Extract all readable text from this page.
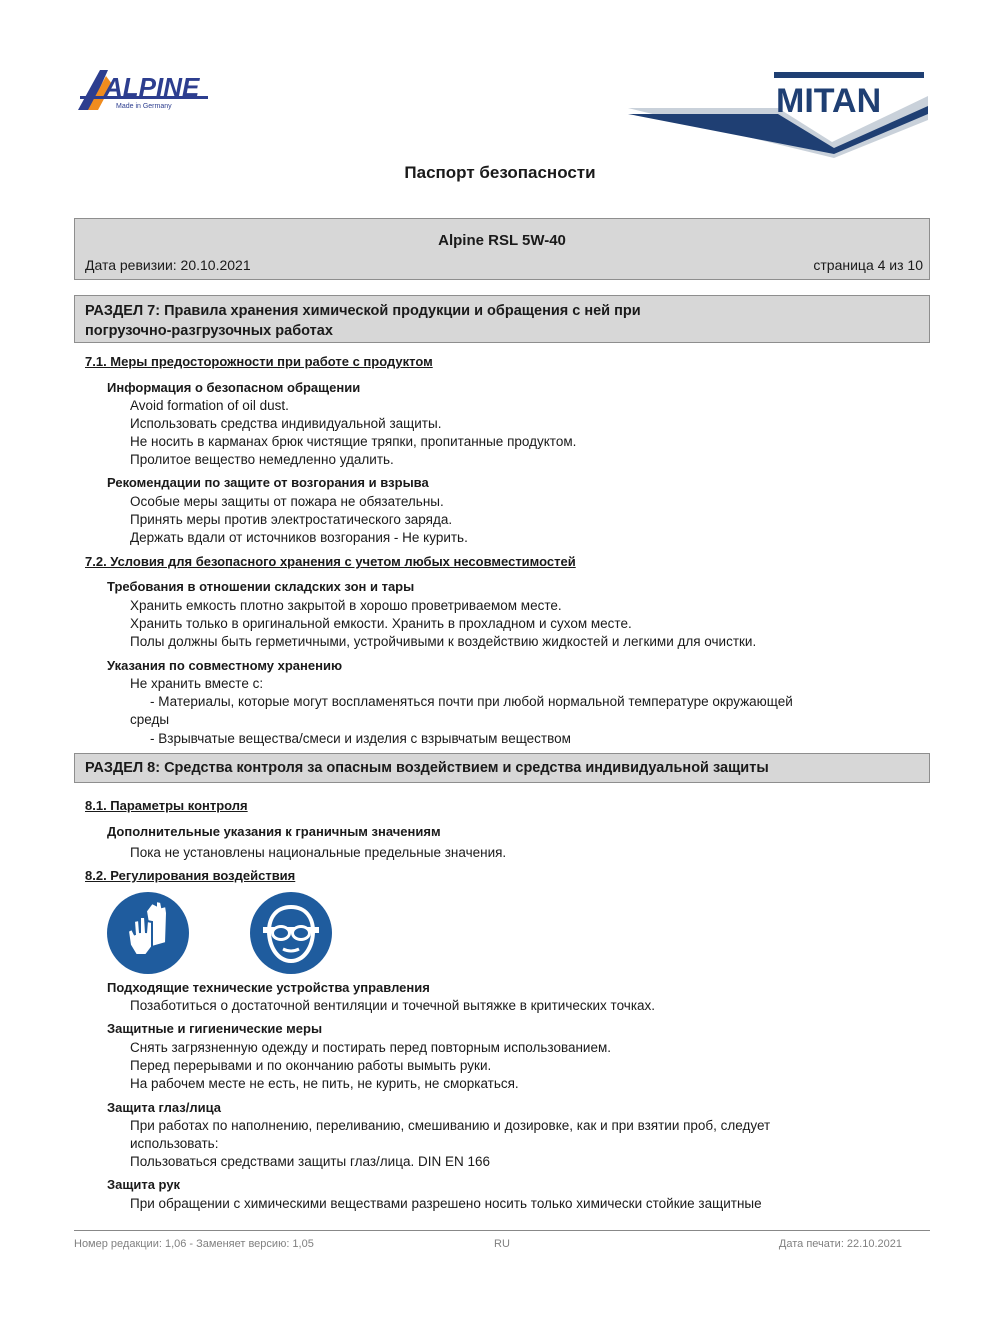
ALPINE
Made in Germany	MITAN
Паспорт безопасности
Alpine RSL 5W-40
Дата ревизии: 20.10.2021	страница 4 из 10
РАЗДЕЛ 7: Правила хранения химической продукции и обращения с ней при
погрузочно-разгрузочных работах
7.1. Меры предосторожности при работе с продуктом
Информация о безопасном обращении
Avoid formation of oil dust.
Использовать средства индивидуальной защиты.
Не носить в карманах брюк чистящие тряпки, пропитанные продуктом.
Пролитое вещество немедленно удалить.
Рекомендации по защите от возгорания и взрыва
Особые меры защиты от пожара не обязательны.
Принять меры против электростатического заряда.
Держать вдали от источников возгорания - Не курить.
7.2. Условия для безопасного хранения с учетом любых несовместимостей
Требования в отношении складских зон и тары
Хранить емкость плотно закрытой в хорошо проветриваемом месте.
Хранить только в оригинальной емкости. Хранить в прохладном и сухом месте.
Полы должны быть герметичными, устройчивыми к воздействию жидкостей и легкими для очистки.
Указания по совместному хранению
Не хранить вместе с:
- Материалы, которые могут воспламеняться почти при любой нормальной температуре окружающей
среды
- Взрывчатые вещества/смеси и изделия с взрывчатым веществом
РАЗДЕЛ 8: Средства контроля за опасным воздействием и средства индивидуальной защиты
8.1. Параметры контроля
Дополнительные указания к граничным значениям
Пока не установлены национальные предельные значения.
8.2. Регулирования воздействия
Подходящие технические устройства управления
Позаботиться о достаточной вентиляции и точечной вытяжке в критических точках.
Защитные и гигиенические меры
Снять загрязненную одежду и постирать перед повторным использованием.
Перед перерывами и по окончанию работы вымыть руки.
На рабочем месте не есть, не пить, не курить, не сморкаться.
Защита глаз/лица
При работах по наполнению, переливанию, смешиванию и дозировке, как и при взятии проб, следует
использовать:
Пользоваться средствами защиты глаз/лица. DIN EN 166
Защита рук
При обращении с химическими веществами разрешено носить только химически стойкие защитные
Номер редакции: 1,06 - Заменяет версию: 1,05	RU	Дата печати: 22.10.2021
